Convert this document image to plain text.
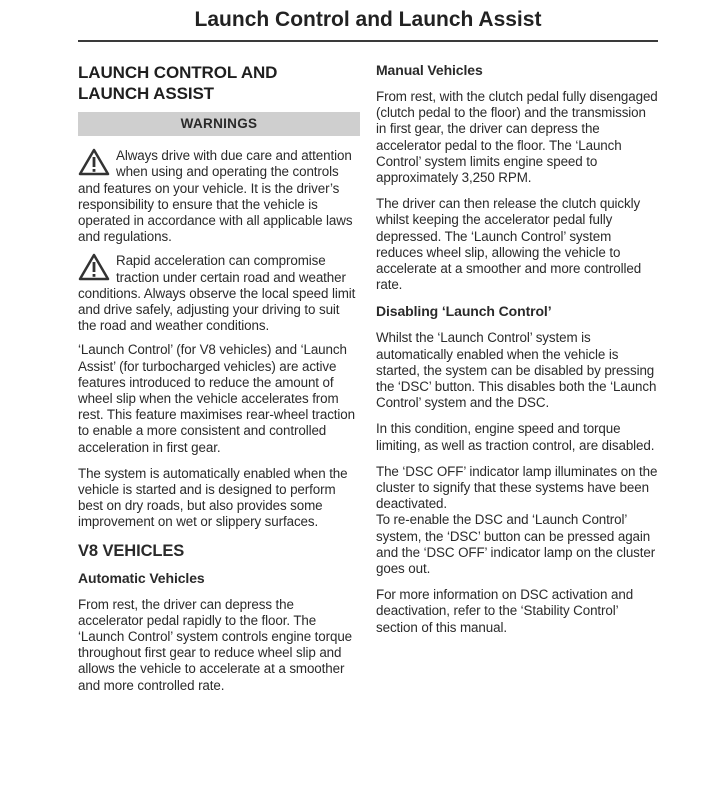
Launch Control and Launch Assist
LAUNCH CONTROL AND
LAUNCH ASSIST
WARNINGS
Always drive with due care and attention when using and operating the controls and features on your vehicle. It is the driver’s responsibility to ensure that the vehicle is operated in accordance with all applicable laws and regulations.
Rapid acceleration can compromise traction under certain road and weather conditions. Always observe the local speed limit and drive safely, adjusting your driving to suit the road and weather conditions.

‘Launch Control’ (for V8 vehicles) and ‘Launch Assist’ (for turbocharged vehicles) are active features introduced to reduce the amount of wheel slip when the vehicle accelerates from rest. This feature maximises rear-wheel traction to enable a more consistent and controlled acceleration in first gear.

The system is automatically enabled when the vehicle is started and is designed to perform best on dry roads, but also provides some improvement on wet or slippery surfaces.

V8 VEHICLES
Automatic Vehicles

From rest, the driver can depress the accelerator pedal rapidly to the floor. The ‘Launch Control’ system controls engine torque throughout first gear to reduce wheel slip and allows the vehicle to accelerate at a smoother and more controlled rate.

Manual Vehicles

From rest, with the clutch pedal fully disengaged (clutch pedal to the floor) and the transmission in first gear, the driver can depress the accelerator pedal to the floor. The ‘Launch Control’ system limits engine speed to approximately 3,250 RPM.

The driver can then release the clutch quickly whilst keeping the accelerator pedal fully depressed. The ‘Launch Control’ system reduces wheel slip, allowing the vehicle to accelerate at a smoother and more controlled rate.

Disabling ‘Launch Control’

Whilst the ‘Launch Control’ system is automatically enabled when the vehicle is started, the system can be disabled by pressing the ‘DSC’ button. This disables both the ‘Launch Control’ system and the DSC.

In this condition, engine speed and torque limiting, as well as traction control, are disabled.

The ‘DSC OFF’ indicator lamp illuminates on the cluster to signify that these systems have been deactivated.
To re-enable the DSC and ‘Launch Control’ system, the ‘DSC’ button can be pressed again and the ‘DSC OFF’ indicator lamp on the cluster goes out.

For more information on DSC activation and deactivation, refer to the ‘Stability Control’ section of this manual.
